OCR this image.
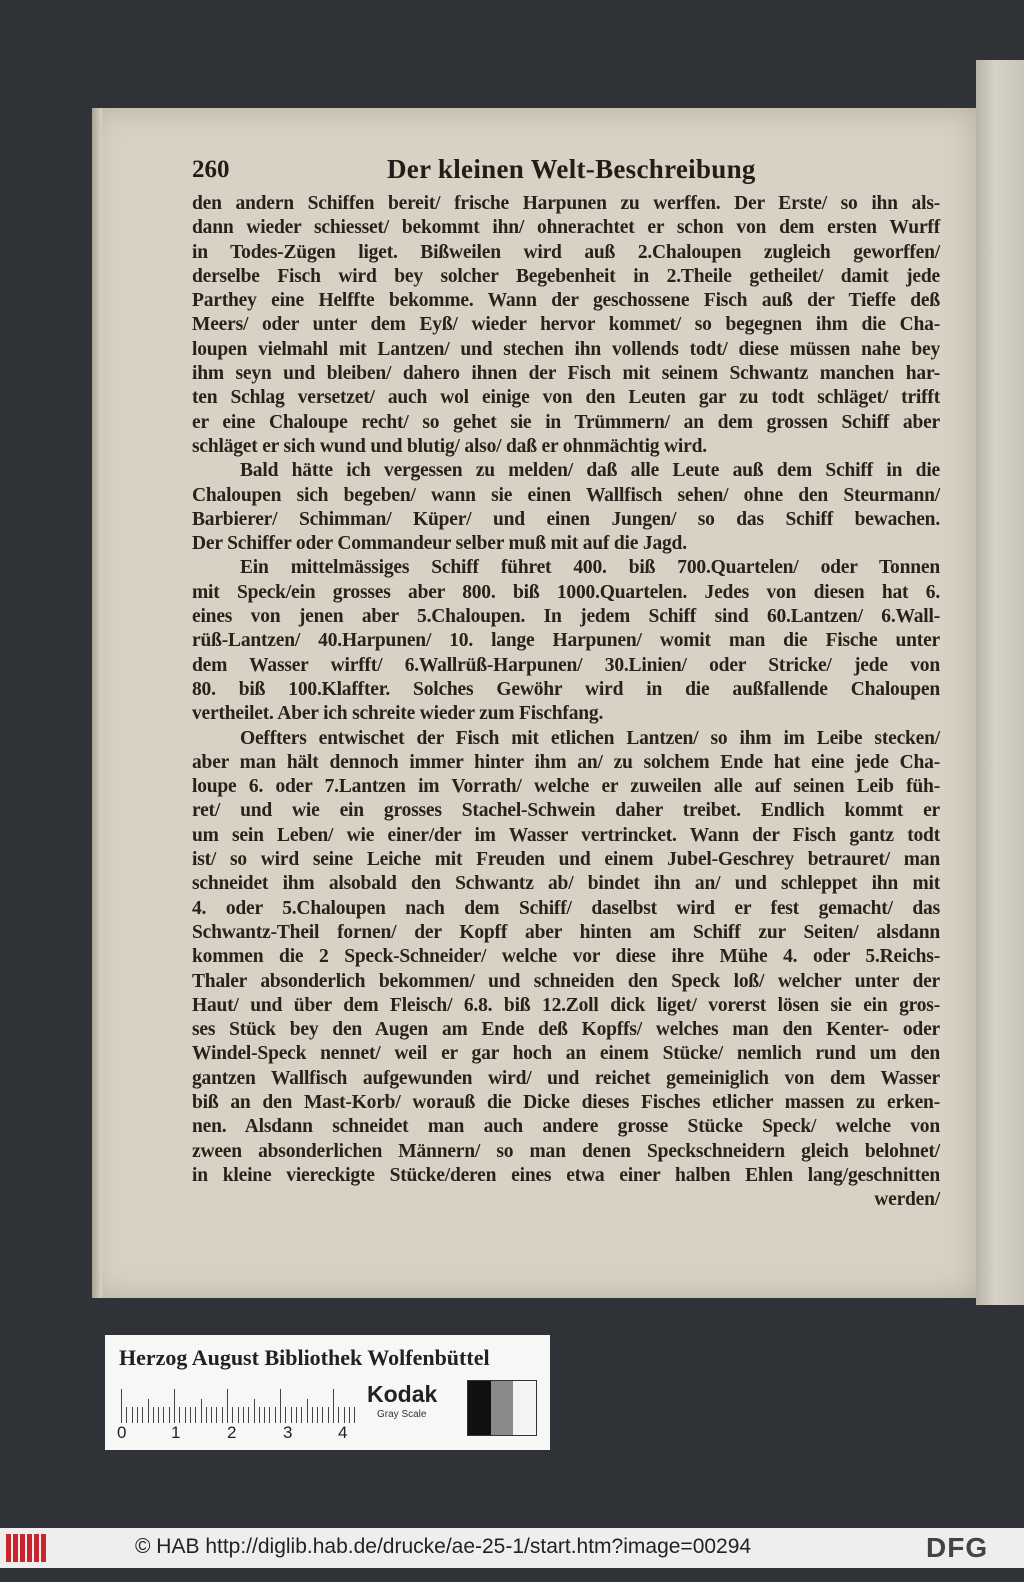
260	Der kleinen Welt-Beschreibung
den andern Schiffen bereit/ frische Harpunen zu werffen. Der Erste/ so ihn als-
dann wieder schiesset/ bekommt ihn/ ohnerachtet er schon von dem ersten Wurff
in Todes-Zügen liget. Bißweilen wird auß 2.Chaloupen zugleich geworffen/
derselbe Fisch wird bey solcher Begebenheit in 2.Theile getheilet/ damit jede
Parthey eine Helffte bekomme. Wann der geschossene Fisch auß der Tieffe deß
Meers/ oder unter dem Eyß/ wieder hervor kommet/ so begegnen ihm die Cha-
loupen vielmahl mit Lantzen/ und stechen ihn vollends todt/ diese müssen nahe bey
ihm seyn und bleiben/ dahero ihnen der Fisch mit seinem Schwantz manchen har-
ten Schlag versetzet/ auch wol einige von den Leuten gar zu todt schläget/ trifft
er eine Chaloupe recht/ so gehet sie in Trümmern/ an dem grossen Schiff aber
schläget er sich wund und blutig/ also/ daß er ohnmächtig wird.
Bald hätte ich vergessen zu melden/ daß alle Leute auß dem Schiff in die
Chaloupen sich begeben/ wann sie einen Wallfisch sehen/ ohne den Steurmann/
Barbierer/ Schimman/ Küper/ und einen Jungen/ so das Schiff bewachen.
Der Schiffer oder Commandeur selber muß mit auf die Jagd.
Ein mittelmässiges Schiff führet 400. biß 700.Quartelen/ oder Tonnen
mit Speck/ein grosses aber 800. biß 1000.Quartelen. Jedes von diesen hat 6.
eines von jenen aber 5.Chaloupen. In jedem Schiff sind 60.Lantzen/ 6.Wall-
rüß-Lantzen/ 40.Harpunen/ 10. lange Harpunen/ womit man die Fische unter
dem Wasser wirfft/ 6.Wallrüß-Harpunen/ 30.Linien/ oder Stricke/ jede von
80. biß 100.Klaffter. Solches Gewöhr wird in die außfallende Chaloupen
vertheilet. Aber ich schreite wieder zum Fischfang.
Oeffters entwischet der Fisch mit etlichen Lantzen/ so ihm im Leibe stecken/
aber man hält dennoch immer hinter ihm an/ zu solchem Ende hat eine jede Cha-
loupe 6. oder 7.Lantzen im Vorrath/ welche er zuweilen alle auf seinen Leib füh-
ret/ und wie ein grosses Stachel-Schwein daher treibet. Endlich kommt er
um sein Leben/ wie einer/der im Wasser vertrincket. Wann der Fisch gantz todt
ist/ so wird seine Leiche mit Freuden und einem Jubel-Geschrey betrauret/ man
schneidet ihm alsobald den Schwantz ab/ bindet ihn an/ und schleppet ihn mit
4. oder 5.Chaloupen nach dem Schiff/ daselbst wird er fest gemacht/ das
Schwantz-Theil fornen/ der Kopff aber hinten am Schiff zur Seiten/ alsdann
kommen die 2 Speck-Schneider/ welche vor diese ihre Mühe 4. oder 5.Reichs-
Thaler absonderlich bekommen/ und schneiden den Speck loß/ welcher unter der
Haut/ und über dem Fleisch/ 6.8. biß 12.Zoll dick liget/ vorerst lösen sie ein gros-
ses Stück bey den Augen am Ende deß Kopffs/ welches man den Kenter- oder
Windel-Speck nennet/ weil er gar hoch an einem Stücke/ nemlich rund um den
gantzen Wallfisch aufgewunden wird/ und reichet gemeiniglich von dem Wasser
biß an den Mast-Korb/ worauß die Dicke dieses Fisches etlicher massen zu erken-
nen. Alsdann schneidet man auch andere grosse Stücke Speck/ welche von
zween absonderlichen Männern/ so man denen Speckschneidern gleich belohnet/
in kleine viereckigte Stücke/deren eines etwa einer halben Ehlen lang/geschnitten
werden/
Herzog August Bibliothek Wolfenbüttel
0	1	2	3	4
Kodak
Gray Scale
© HAB http://diglib.hab.de/drucke/ae-25-1/start.htm?image=00294	DFG
